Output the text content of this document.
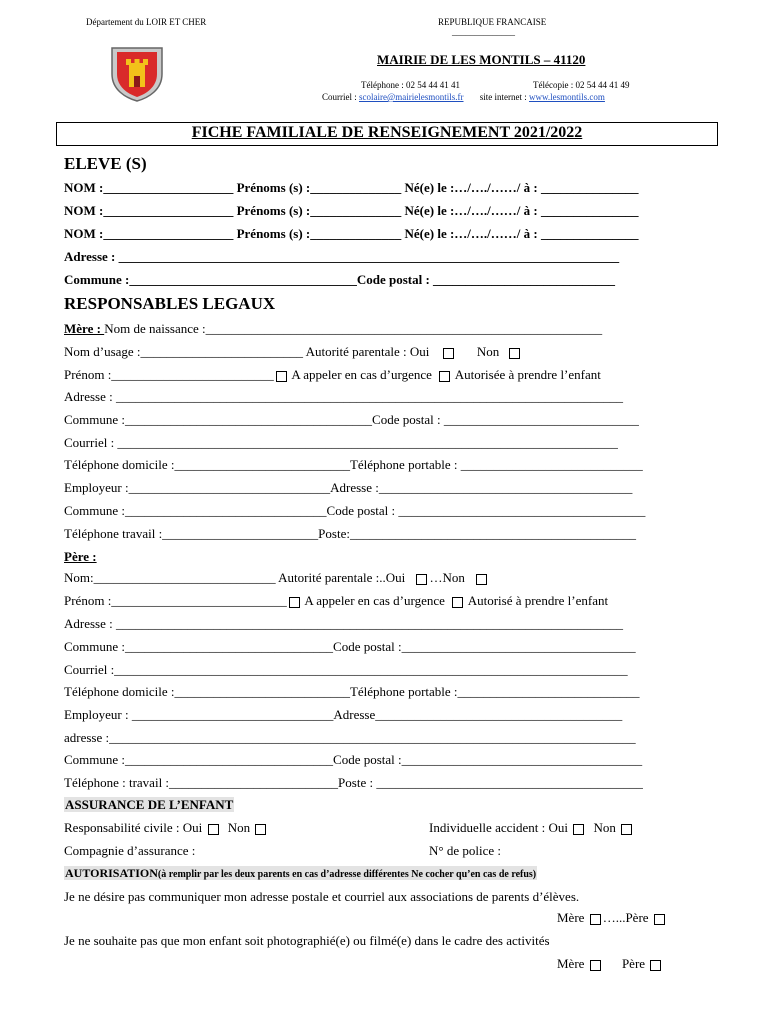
Département du LOIR ET CHER	REPUBLIQUE FRANCAISE
______________
MAIRIE DE LES MONTILS – 41120
Téléphone : 02 54 44 41 41	Télécopie : 02 54 44 41 49
Courriel : scolaire@mairielesmontils.fr site internet : www.lesmontils.com
FICHE FAMILIALE DE RENSEIGNEMENT 2021/2022
ELEVE (S)
NOM :____________________ Prénoms (s) :______________ Né(e) le :…/…./……/ à : _______________
NOM :____________________ Prénoms (s) :______________ Né(e) le :…/…./……/ à : _______________
NOM :____________________ Prénoms (s) :______________ Né(e) le :…/…./……/ à : _______________
Adresse : _____________________________________________________________________________
Commune :___________________________________Code postal : ____________________________
RESPONSABLES LEGAUX
Mère : Nom de naissance :_____________________________________________________________
Nom d’usage :_________________________ Autorité parentale : Oui	Non
Prénom :_________________________ A appeler en cas d’urgence Autorisée à prendre l’enfant
Adresse : ______________________________________________________________________________
Commune :______________________________________Code postal : ______________________________
Courriel : _____________________________________________________________________________
Téléphone domicile :___________________________Téléphone portable : ____________________________
Employeur :_______________________________Adresse :_______________________________________
Commune :_______________________________Code postal : ______________________________________
Téléphone travail :________________________Poste:____________________________________________
Père :
Nom:____________________________ Autorité parentale :..Oui …Non
Prénom :___________________________ A appeler en cas d’urgence Autorisé à prendre l’enfant
Adresse : ______________________________________________________________________________
Commune :________________________________Code postal :____________________________________
Courriel :_______________________________________________________________________________
Téléphone domicile :___________________________Téléphone portable :____________________________
Employeur : _______________________________Adresse______________________________________
adresse :_________________________________________________________________________________
Commune :________________________________Code postal :_____________________________________
Téléphone : travail :__________________________Poste : _________________________________________
ASSURANCE DE L’ENFANT
Responsabilité civile : Oui Non	Individuelle accident : Oui Non
Compagnie d’assurance :	N° de police :
AUTORISATION(à remplir par les deux parents en cas d’adresse différentes Ne cocher qu’en cas de refus)
Je ne désire pas communiquer mon adresse postale et courriel aux associations de parents d’élèves.
Mère …...Père
Je ne souhaite pas que mon enfant soit photographié(e) ou filmé(e) dans le cadre des activités
Mère	Père
